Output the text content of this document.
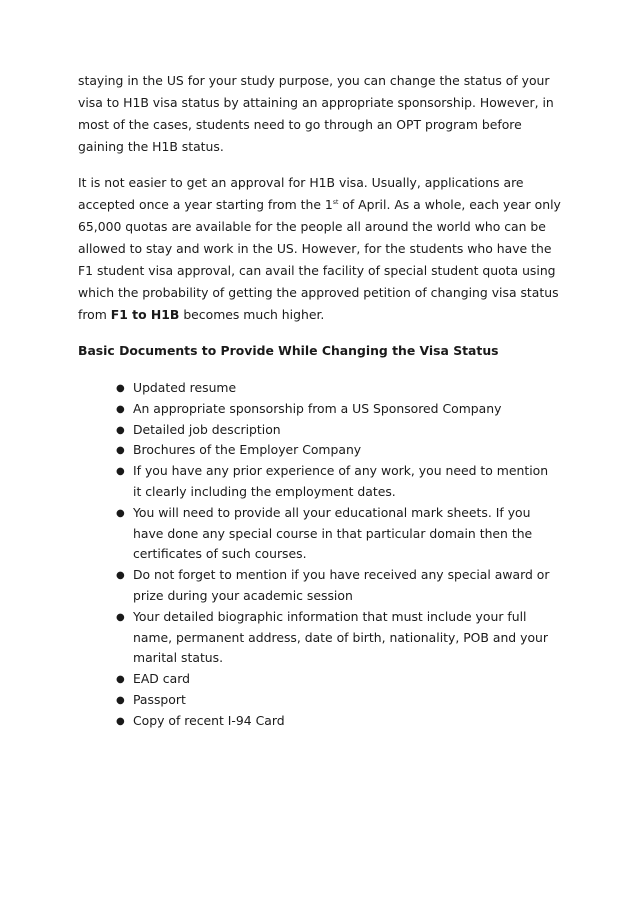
staying in the US for your study purpose, you can change the status of your
visa to H1B visa status by attaining an appropriate sponsorship. However, in
most of the cases, students need to go through an OPT program before
gaining the H1B status.
It is not easier to get an approval for H1B visa. Usually, applications are
accepted once a year starting from the 1st of April. As a whole, each year only
65,000 quotas are available for the people all around the world who can be
allowed to stay and work in the US. However, for the students who have the
F1 student visa approval, can avail the facility of special student quota using
which the probability of getting the approved petition of changing visa status
from F1 to H1B becomes much higher.
Basic Documents to Provide While Changing the Visa Status
● Updated resume
● An appropriate sponsorship from a US Sponsored Company
● Detailed job description
● Brochures of the Employer Company
● If you have any prior experience of any work, you need to mention
it clearly including the employment dates.
● You will need to provide all your educational mark sheets. If you
have done any special course in that particular domain then the
certificates of such courses.
● Do not forget to mention if you have received any special award or
prize during your academic session
● Your detailed biographic information that must include your full
name, permanent address, date of birth, nationality, POB and your
marital status.
● EAD card
● Passport
● Copy of recent I-94 Card
